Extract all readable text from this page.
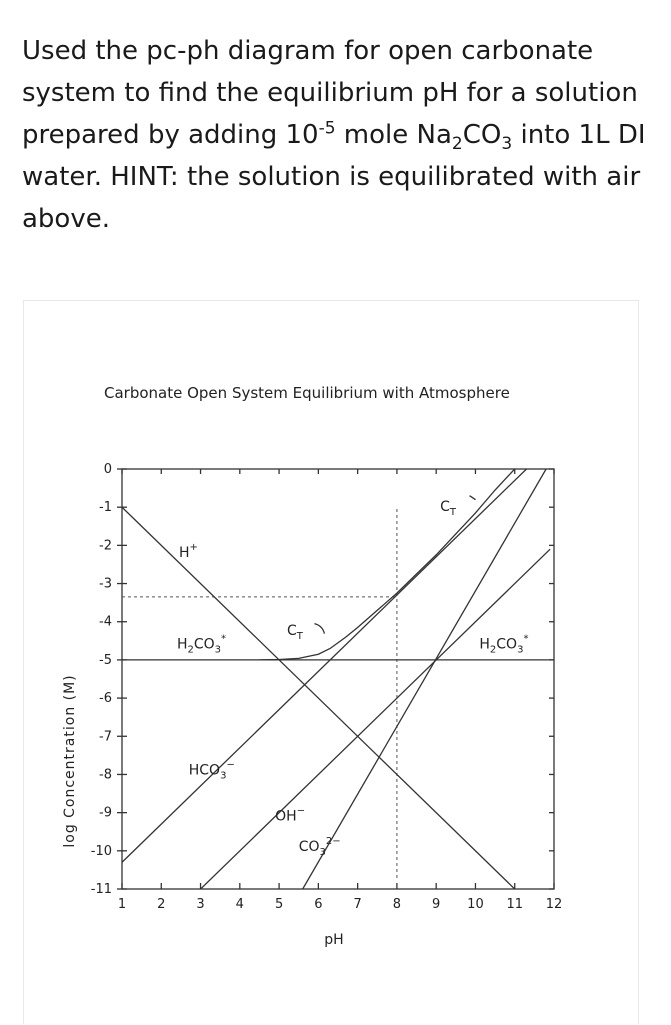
Used the pc-ph diagram for open carbonate system to find the equilibrium pH for a solution prepared by adding $10^{-5}$ mole $Na_2CO_3$ into 1L DI water. HINT: the solution is equilibrated with air above.

Carbonate Open System Equilibrium with Atmosphere
log Concentration (M)
pH
0
-1
-2
-3
-4
-5
-6
-7
-8
-9
-10
-11
1 2 3 4 5 6 7 8 9 10 11 12
H+
$H_2CO_3^*$
$HCO_3^-$
OH−
$CO_3^{2-}$
$C_T$
$C_T$
$H_2CO_3^*$
